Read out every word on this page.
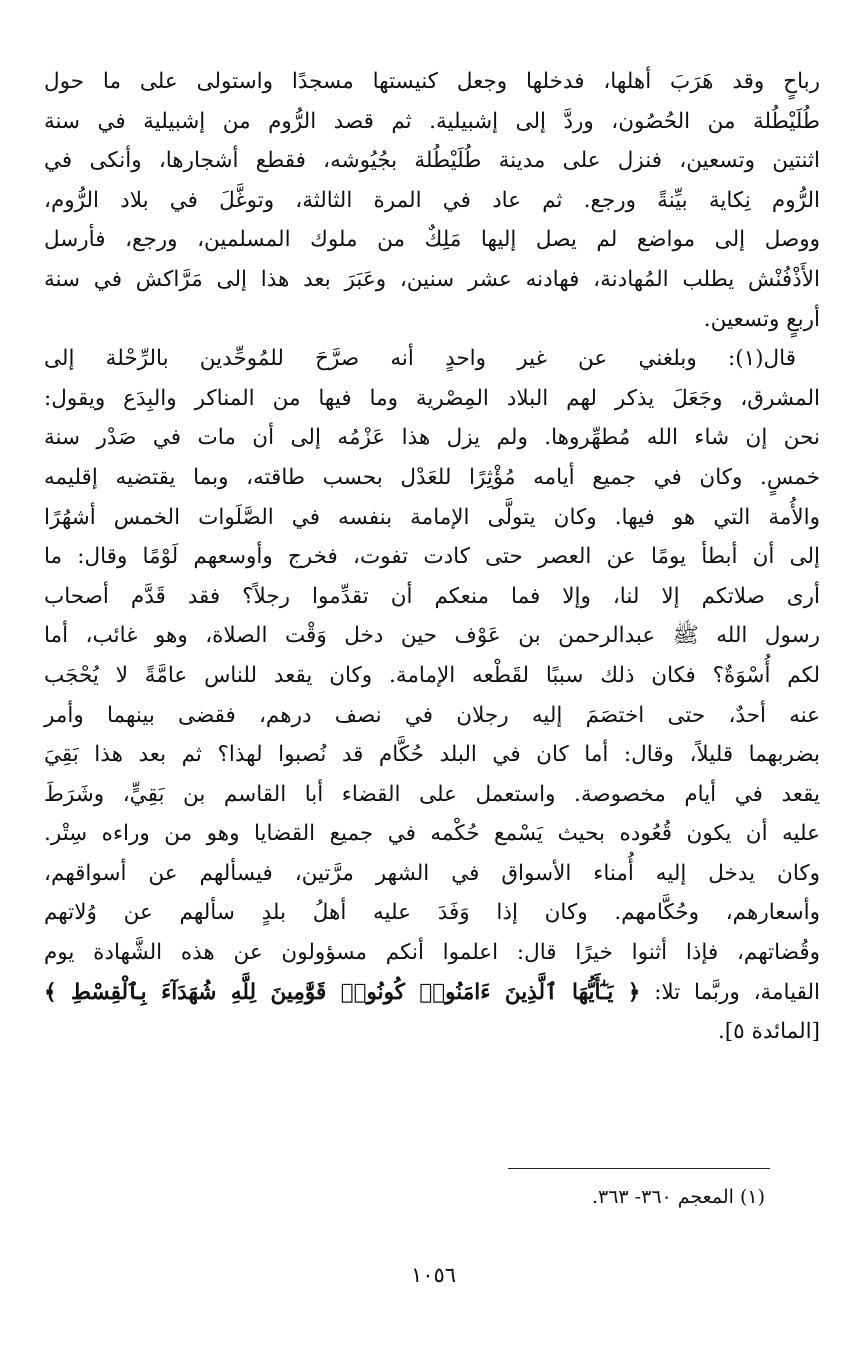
رباحٍ وقد هَرَبَ أهلها، فدخلها وجعل كنيستها مسجدًا واستولى على ما حول
طُلَيْطُلة من الحُصُون، وردَّ إلى إشبيلية. ثم قصد الرُّوم من إشبيلية في سنة
اثنتين وتسعين، فنزل على مدينة طُلَيْطُلة بجُيُوشه، فقطع أشجارها، وأنكى في
الرُّوم نِكاية بيِّنةً ورجع. ثم عاد في المرة الثالثة، وتوغَّلَ في بلاد الرُّوم،
ووصل إلى مواضع لم يصل إليها مَلِكٌ من ملوك المسلمين، ورجع، فأرسل
الأَذْفُنْش يطلب المُهادنة، فهادنه عشر سنين، وعَبَرَ بعد هذا إلى مَرَّاكش في سنة
أربعٍ وتسعين.
قال(١): وبلغني عن غير واحدٍ أنه صرَّحَ للمُوحِّدين بالرِّحْلة إلى
المشرق، وجَعَلَ يذكر لهم البلاد المِصْرية وما فيها من المناكر والبِدَع ويقول:
نحن إن شاء الله مُطهِّروها. ولم يزل هذا عَزْمُه إلى أن مات في صَدْر سنة
خمسٍ. وكان في جميع أيامه مُؤْثِرًا للعَدْل بحسب طاقته، وبما يقتضيه إقليمه
والأُمة التي هو فيها. وكان يتولَّى الإمامة بنفسه في الصَّلَوات الخمس أشهُرًا
إلى أن أبطأ يومًا عن العصر حتى كادت تفوت، فخرج وأوسعهم لَوْمًا وقال: ما
أرى صلاتكم إلا لنا، وإلا فما منعكم أن تقدِّموا رجلاً؟ فقد قَدَّم أصحاب
رسول الله ﷺ عبدالرحمن بن عَوْف حين دخل وَقْت الصلاة، وهو غائب، أما
لكم أُسْوَةٌ؟ فكان ذلك سببًا لقَطْعه الإمامة. وكان يقعد للناس عامَّةً لا يُحْجَب
عنه أحدٌ، حتى اختصَمَ إليه رجلان في نصف درهم، فقضى بينهما وأمر
بضربهما قليلاً، وقال: أما كان في البلد حُكَّام قد نُصبوا لهذا؟ ثم بعد هذا بَقِيَ
يقعد في أيام مخصوصة. واستعمل على القضاء أبا القاسم بن بَقِيٍّ، وشَرَطَ
عليه أن يكون قُعُوده بحيث يَسْمع حُكْمه في جميع القضايا وهو من وراءه سِتْر.
وكان يدخل إليه أُمناء الأسواق في الشهر مرَّتين، فيسألهم عن أسواقهم،
وأسعارهم، وحُكَّامهم. وكان إذا وَفَدَ عليه أهلُ بلدٍ سألهم عن وُلاتهم
وقُضاتهم، فإذا أثنوا خيرًا قال: اعلموا أنكم مسؤولون عن هذه الشَّهادة يوم
القيامة، وربَّما تلا: ﴿ يَـٰٓأَيُّهَا ٱلَّذِينَ ءَامَنُوا۟ كُونُوا۟ قَوَّٰمِينَ لِلَّهِ شُهَدَآءَ بِٱلْقِسْطِ ﴾
[المائدة ٥].
(١) المعجم ٣٦٠- ٣٦٣.
١٠٥٦
